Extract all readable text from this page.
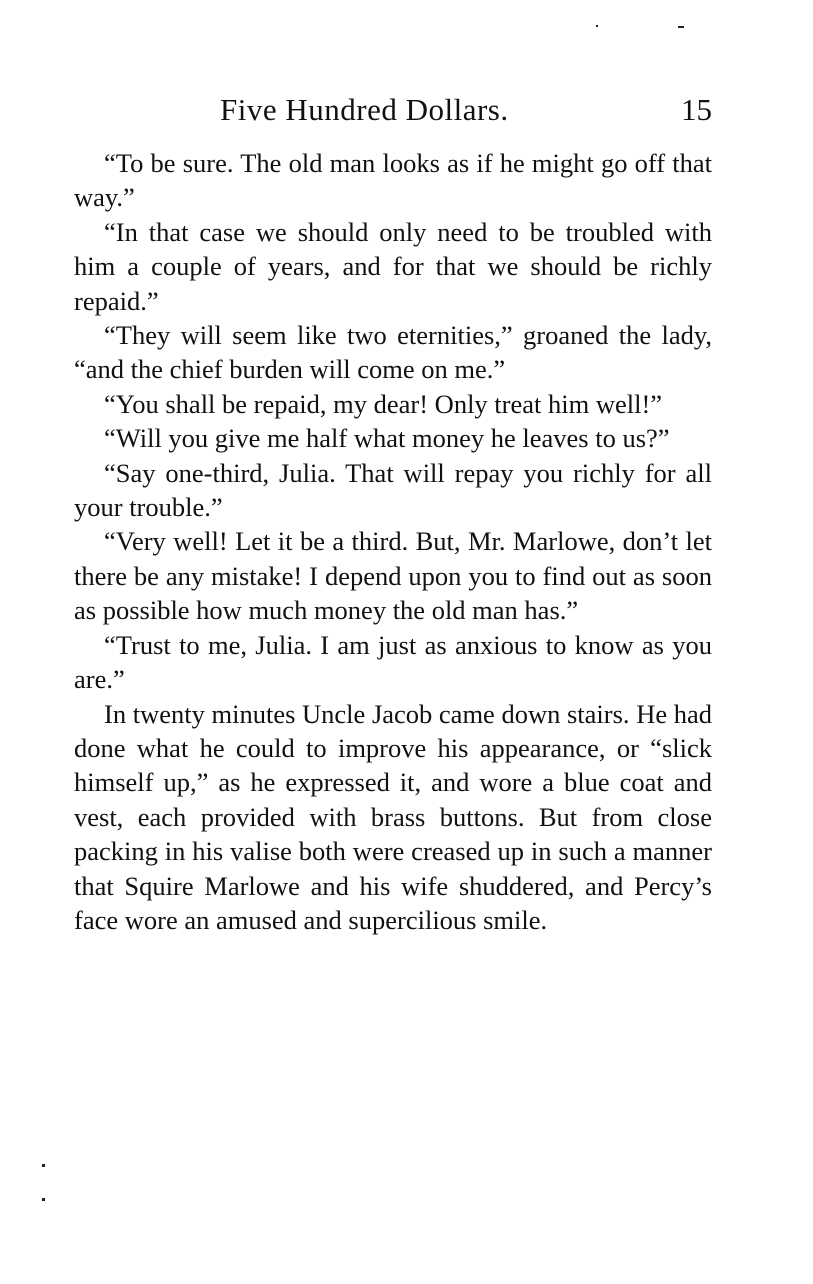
Five Hundred Dollars.	15

“To be sure. The old man looks as if he might go off that way.”

“In that case we should only need to be troubled with him a couple of years, and for that we should be richly repaid.”

“They will seem like two eternities,” groaned the lady, “and the chief burden will come on me.”

“You shall be repaid, my dear! Only treat him well!”

“Will you give me half what money he leaves to us?”

“Say one-third, Julia. That will repay you richly for all your trouble.”

“Very well! Let it be a third. But, Mr. Marlowe, don’t let there be any mistake! I depend upon you to find out as soon as possible how much money the old man has.”

“Trust to me, Julia. I am just as anxious to know as you are.”

In twenty minutes Uncle Jacob came down stairs. He had done what he could to improve his appearance, or “slick himself up,” as he expressed it, and wore a blue coat and vest, each provided with brass buttons. But from close packing in his valise both were creased up in such a manner that Squire Marlowe and his wife shuddered, and Percy’s face wore an amused and supercilious smile.
